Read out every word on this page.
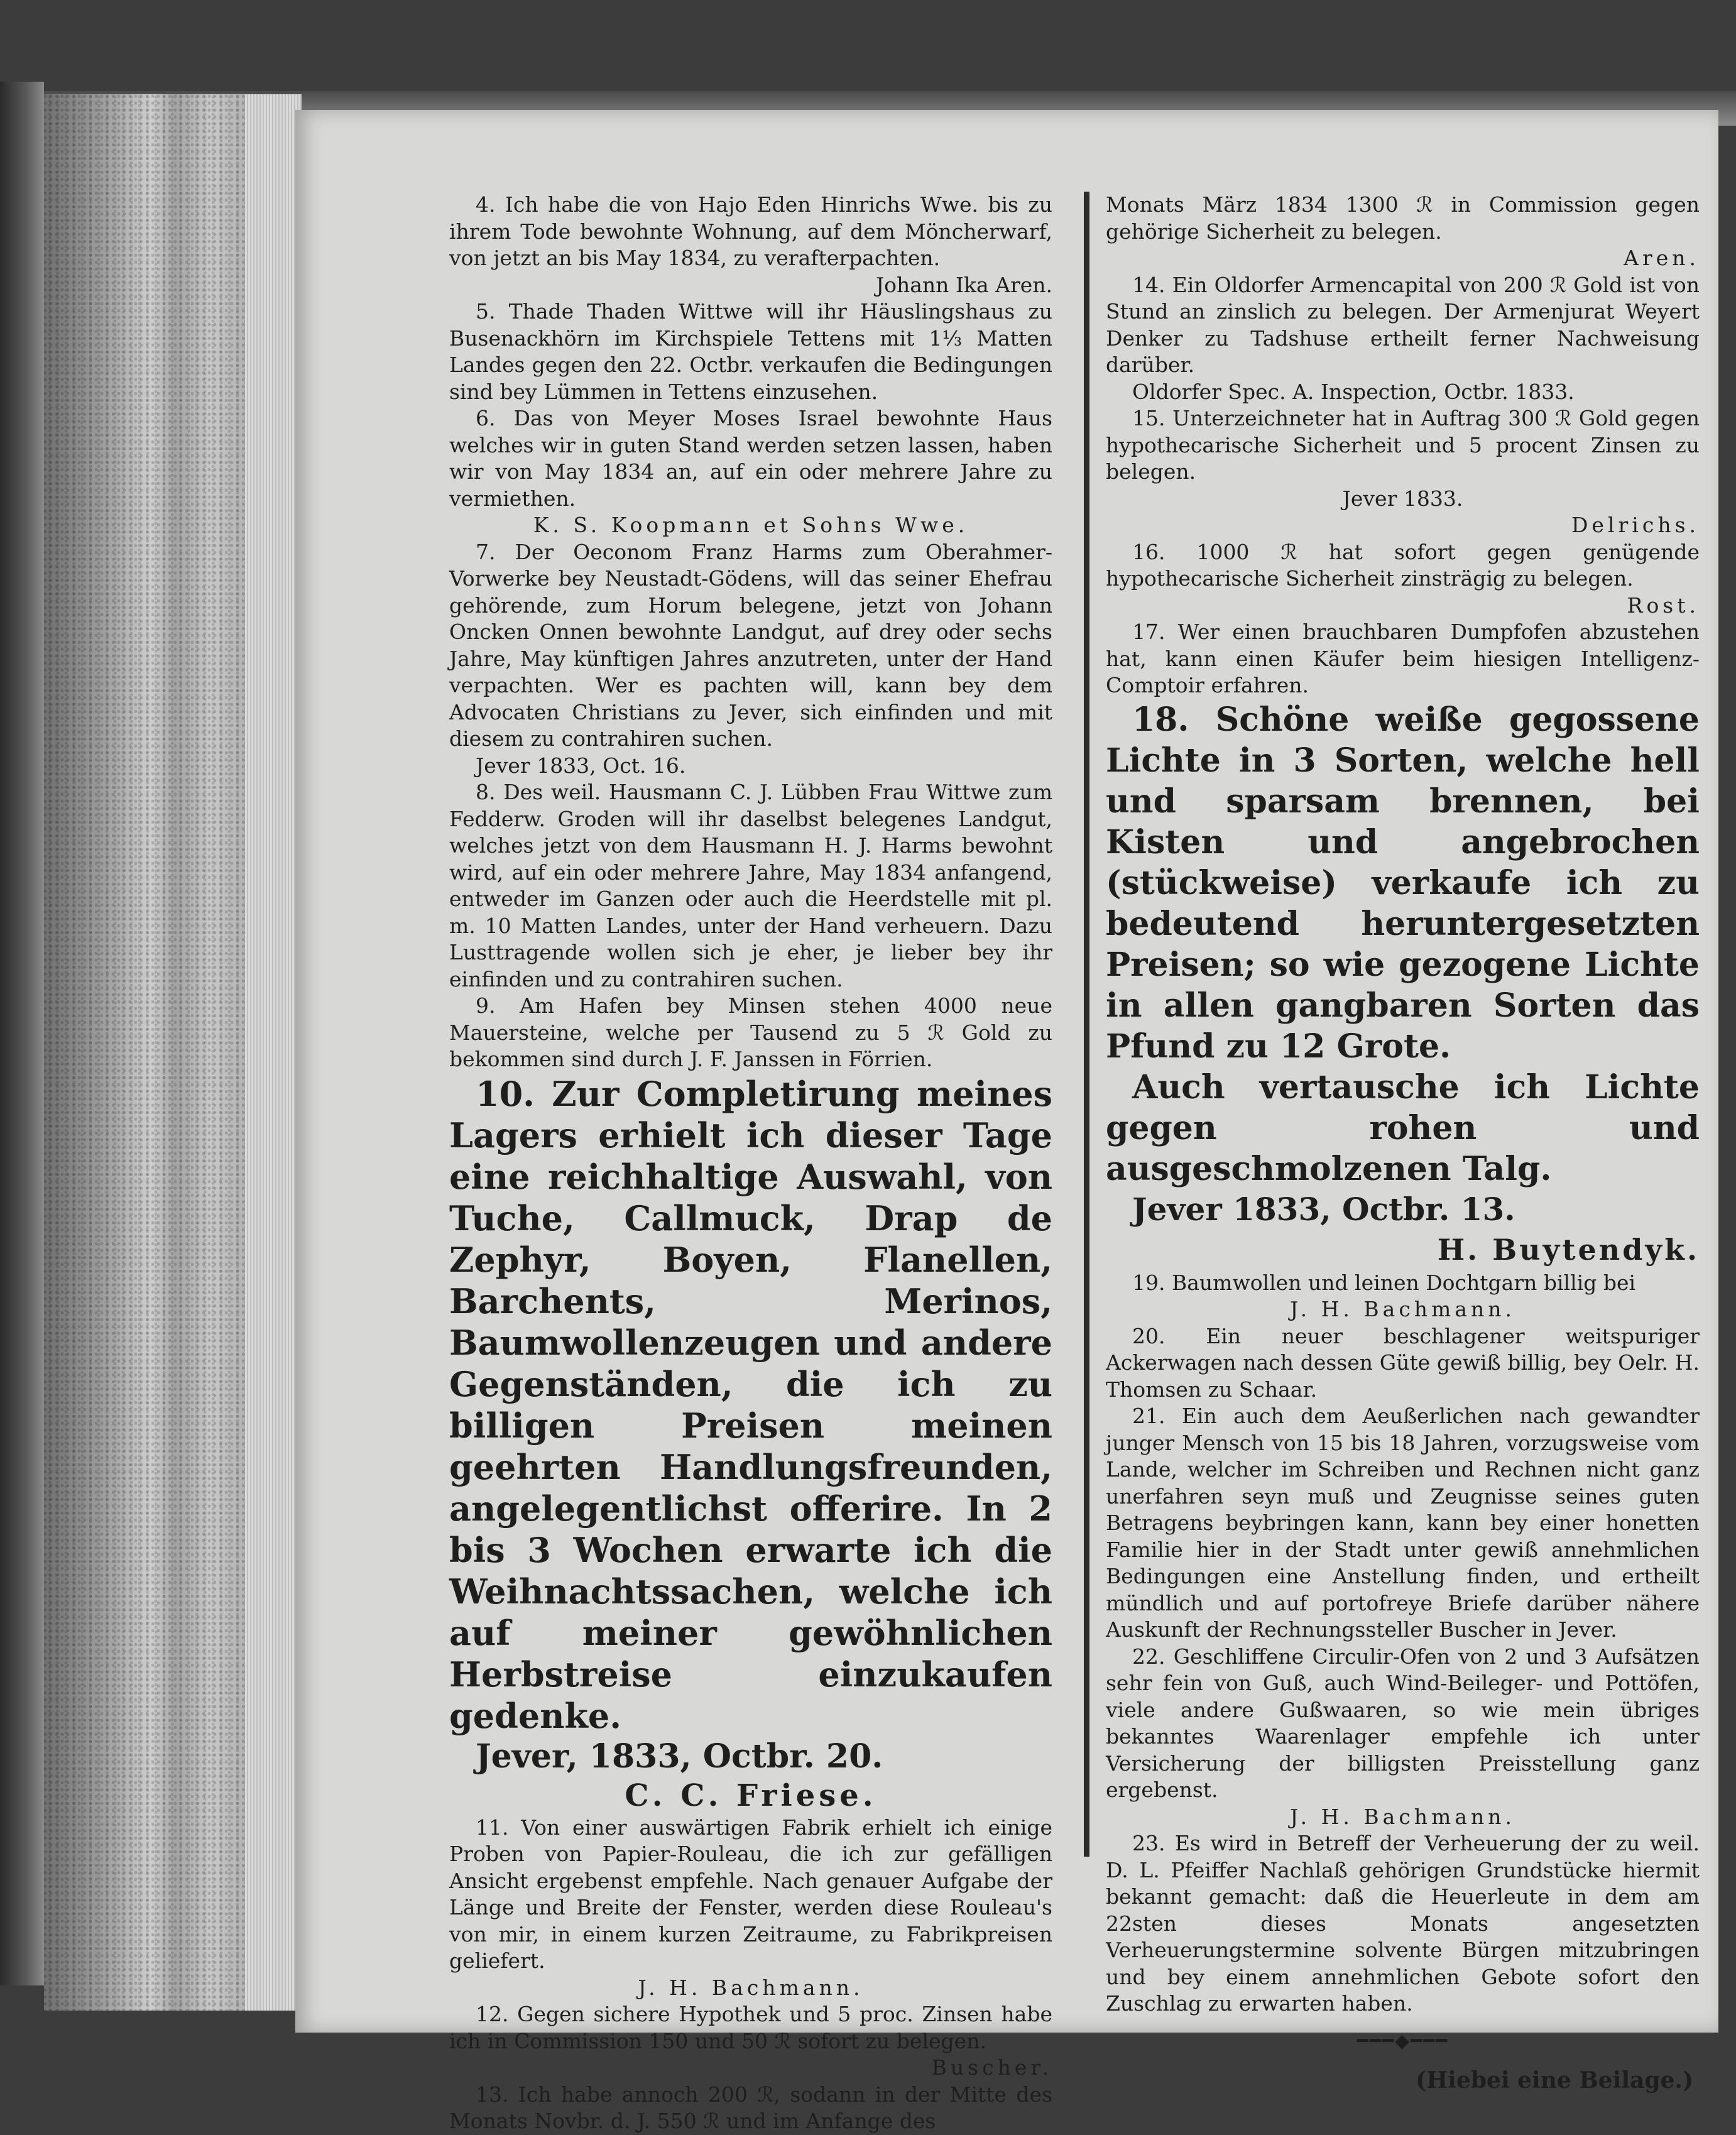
4. Ich habe die von Hajo Eden Hinrichs Wwe. bis zu ihrem Tode bewohnte Wohnung, auf dem Möncherwarf, von jetzt an bis May 1834, zu verafterpachten.

Johann Ika Aren.

5. Thade Thaden Wittwe will ihr Häuslingshaus zu Busenackhörn im Kirchspiele Tettens mit 1⅓ Matten Landes gegen den 22. Octbr. verkaufen die Bedingungen sind bey Lümmen in Tettens einzusehen.

6. Das von Meyer Moses Israel bewohnte Haus welches wir in guten Stand werden setzen lassen, haben wir von May 1834 an, auf ein oder mehrere Jahre zu vermiethen.

K. S. Koopmann et Sohns Wwe.

7. Der Oeconom Franz Harms zum Oberahmer-Vorwerke bey Neustadt-Gödens, will das seiner Ehefrau gehörende, zum Horum belegene, jetzt von Johann Oncken Onnen bewohnte Landgut, auf drey oder sechs Jahre, May künftigen Jahres anzutreten, unter der Hand verpachten. Wer es pachten will, kann bey dem Advocaten Christians zu Jever, sich einfinden und mit diesem zu contrahiren suchen.

Jever 1833, Oct. 16.

8. Des weil. Hausmann C. J. Lübben Frau Wittwe zum Fedderw. Groden will ihr daselbst belegenes Landgut, welches jetzt von dem Hausmann H. J. Harms bewohnt wird, auf ein oder mehrere Jahre, May 1834 anfangend, entweder im Ganzen oder auch die Heerdstelle mit pl. m. 10 Matten Landes, unter der Hand verheuern. Dazu Lusttragende wollen sich je eher, je lieber bey ihr einfinden und zu contrahiren suchen.

9. Am Hafen bey Minsen stehen 4000 neue Mauersteine, welche per Tausend zu 5 ℛ Gold zu bekommen sind durch J. F. Janssen in Förrien.

10. Zur Completirung meines Lagers erhielt ich dieser Tage eine reichhaltige Auswahl, von Tuche, Callmuck, Drap de Zephyr, Boyen, Flanellen, Barchents, Merinos, Baumwollenzeugen und andere Gegenständen, die ich zu billigen Preisen meinen geehrten Handlungsfreunden, angelegentlichst offerire. In 2 bis 3 Wochen erwarte ich die Weihnachtssachen, welche ich auf meiner gewöhnlichen Herbstreise einzukaufen gedenke.

Jever, 1833, Octbr. 20.

C. C. Friese.

11. Von einer auswärtigen Fabrik erhielt ich einige Proben von Papier-Rouleau, die ich zur gefälligen Ansicht ergebenst empfehle. Nach genauer Aufgabe der Länge und Breite der Fenster, werden diese Rouleau's von mir, in einem kurzen Zeitraume, zu Fabrikpreisen geliefert.

J. H. Bachmann.

12. Gegen sichere Hypothek und 5 proc. Zinsen habe ich in Commission 150 und 50 ℛ sofort zu belegen.

Buscher.

13. Ich habe annoch 200 ℛ, sodann in der Mitte des Monats Novbr. d. J. 550 ℛ und im Anfange des

Monats März 1834 1300 ℛ in Commission gegen gehörige Sicherheit zu belegen.

Aren.

14. Ein Oldorfer Armencapital von 200 ℛ Gold ist von Stund an zinslich zu belegen. Der Armenjurat Weyert Denker zu Tadshuse ertheilt ferner Nachweisung darüber.

Oldorfer Spec. A. Inspection, Octbr. 1833.

15. Unterzeichneter hat in Auftrag 300 ℛ Gold gegen hypothecarische Sicherheit und 5 procent Zinsen zu belegen.

Jever 1833.

Delrichs.

16. 1000 ℛ hat sofort gegen genügende hypothecarische Sicherheit zinsträgig zu belegen.

Rost.

17. Wer einen brauchbaren Dumpfofen abzustehen hat, kann einen Käufer beim hiesigen Intelligenz-Comptoir erfahren.

18. Schöne weiße gegossene Lichte in 3 Sorten, welche hell und sparsam brennen, bei Kisten und angebrochen (stückweise) verkaufe ich zu bedeutend heruntergesetzten Preisen; so wie gezogene Lichte in allen gangbaren Sorten das Pfund zu 12 Grote.

Auch vertausche ich Lichte gegen rohen und ausgeschmolzenen Talg.

Jever 1833, Octbr. 13.

H. Buytendyk.

19. Baumwollen und leinen Dochtgarn billig bei

J. H. Bachmann.

20. Ein neuer beschlagener weitspuriger Ackerwagen nach dessen Güte gewiß billig, bey Oelr. H. Thomsen zu Schaar.

21. Ein auch dem Aeußerlichen nach gewandter junger Mensch von 15 bis 18 Jahren, vorzugsweise vom Lande, welcher im Schreiben und Rechnen nicht ganz unerfahren seyn muß und Zeugnisse seines guten Betragens beybringen kann, kann bey einer honetten Familie hier in der Stadt unter gewiß annehmlichen Bedingungen eine Anstellung finden, und ertheilt mündlich und auf portofreye Briefe darüber nähere Auskunft der Rechnungssteller Buscher in Jever.

22. Geschliffene Circulir-Ofen von 2 und 3 Aufsätzen sehr fein von Guß, auch Wind-Beileger- und Pottöfen, viele andere Gußwaaren, so wie mein übriges bekanntes Waarenlager empfehle ich unter Versicherung der billigsten Preisstellung ganz ergebenst.

J. H. Bachmann.

23. Es wird in Betreff der Verheuerung der zu weil. D. L. Pfeiffer Nachlaß gehörigen Grundstücke hiermit bekannt gemacht: daß die Heuerleute in dem am 22sten dieses Monats angesetzten Verheuerungstermine solvente Bürgen mitzubringen und bey einem annehmlichen Gebote sofort den Zuschlag zu erwarten haben.

━━━◆━━━

(Hiebei eine Beilage.)
